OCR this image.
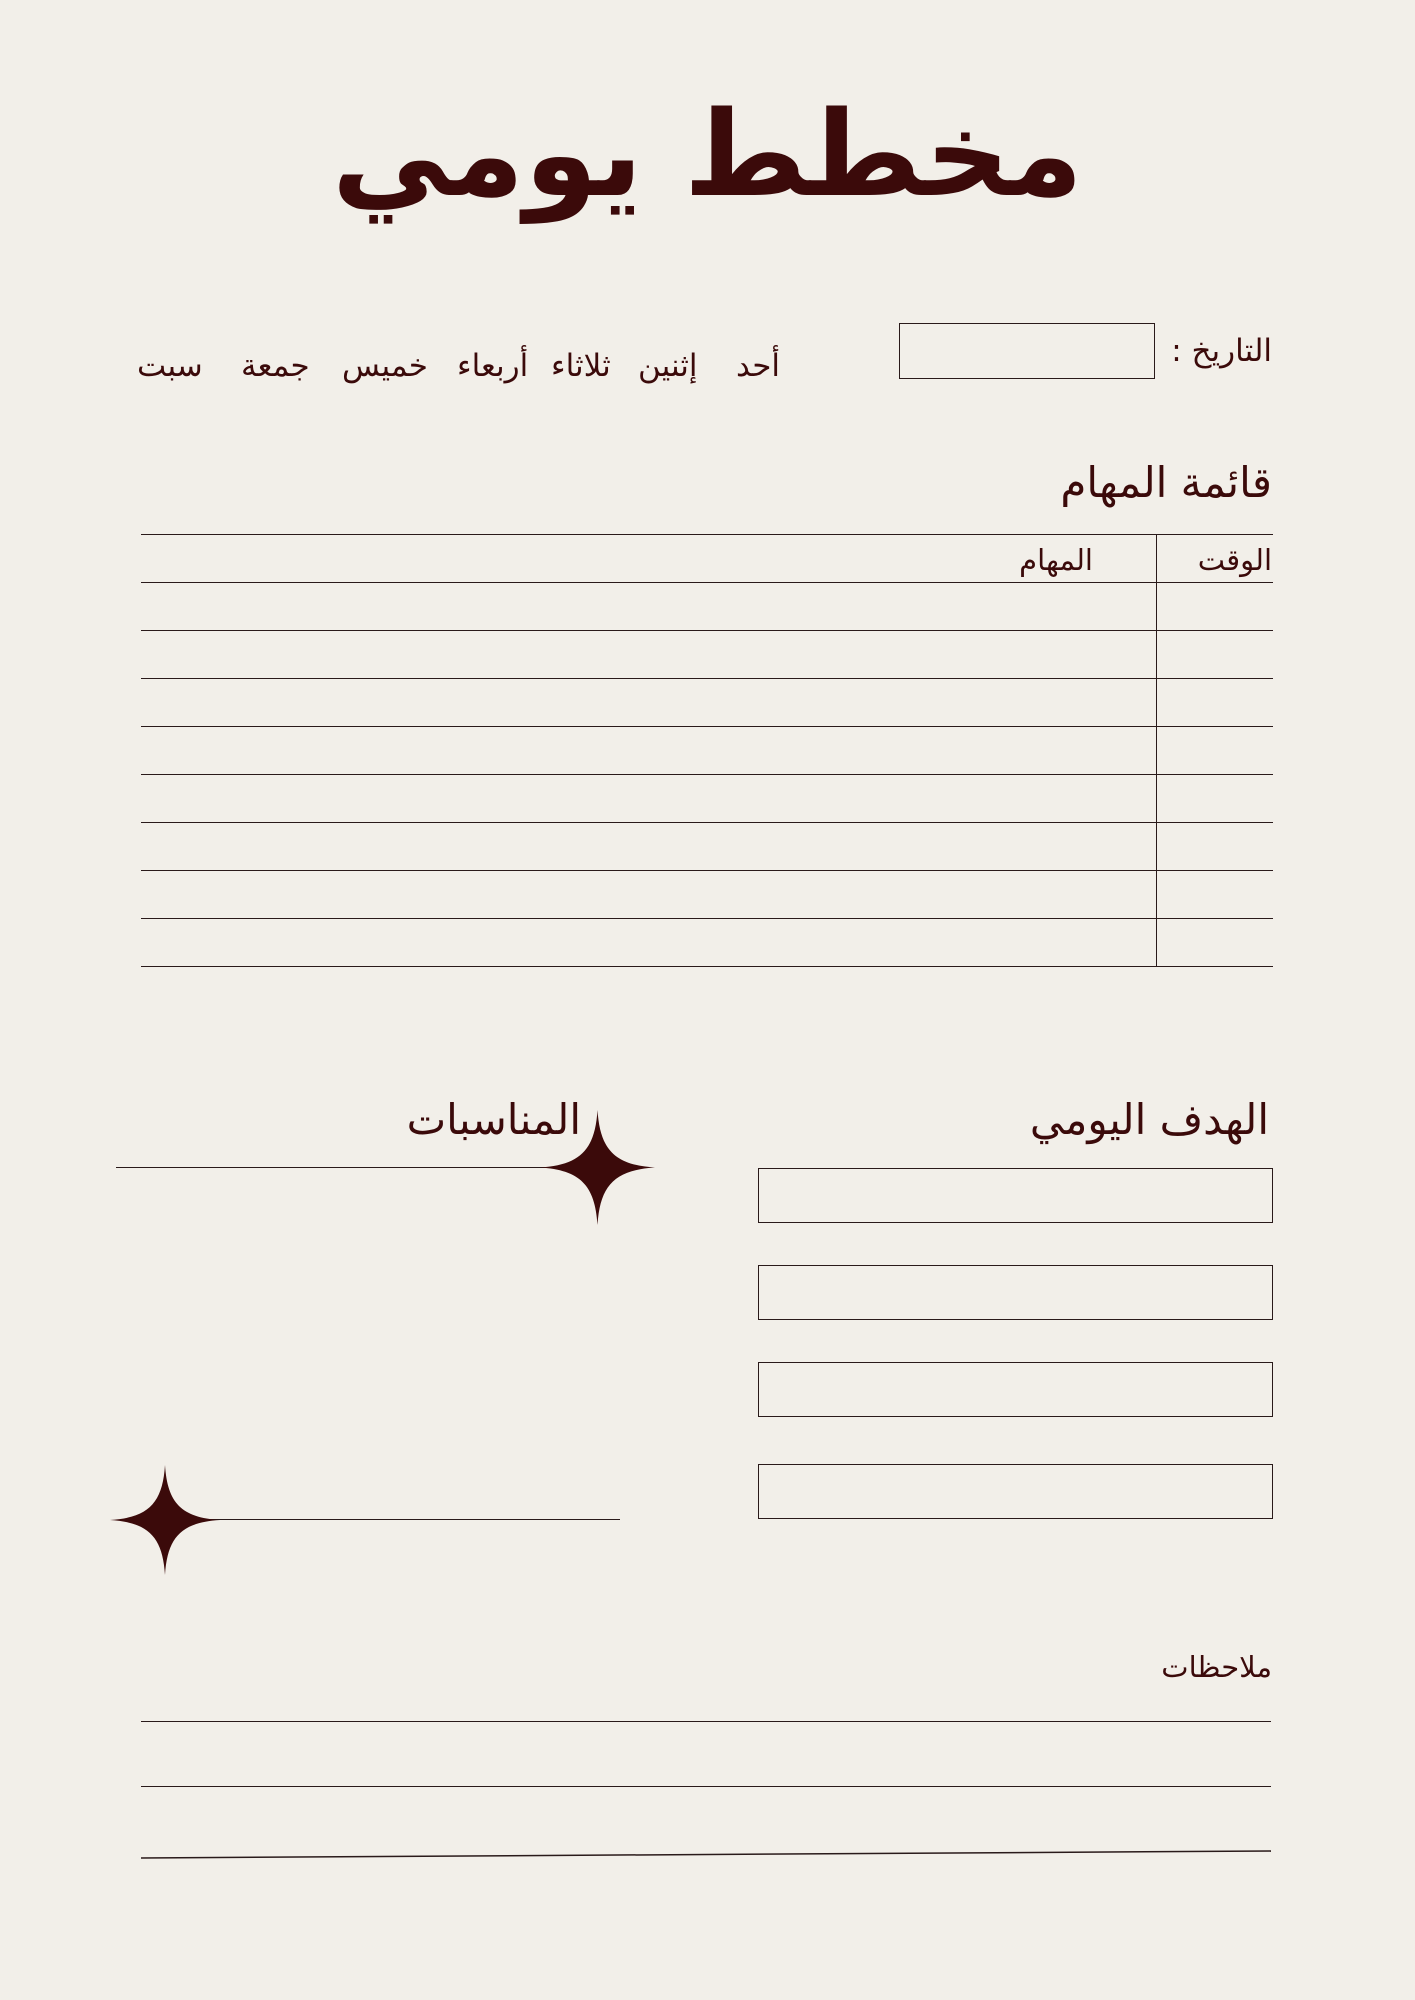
مخطط يومي
التاريخ :
أحد
إثنين
ثلاثاء
أربعاء
خميس
جمعة
سبت
قائمة المهام
الوقت
المهام
الهدف اليومي
المناسبات
ملاحظات
